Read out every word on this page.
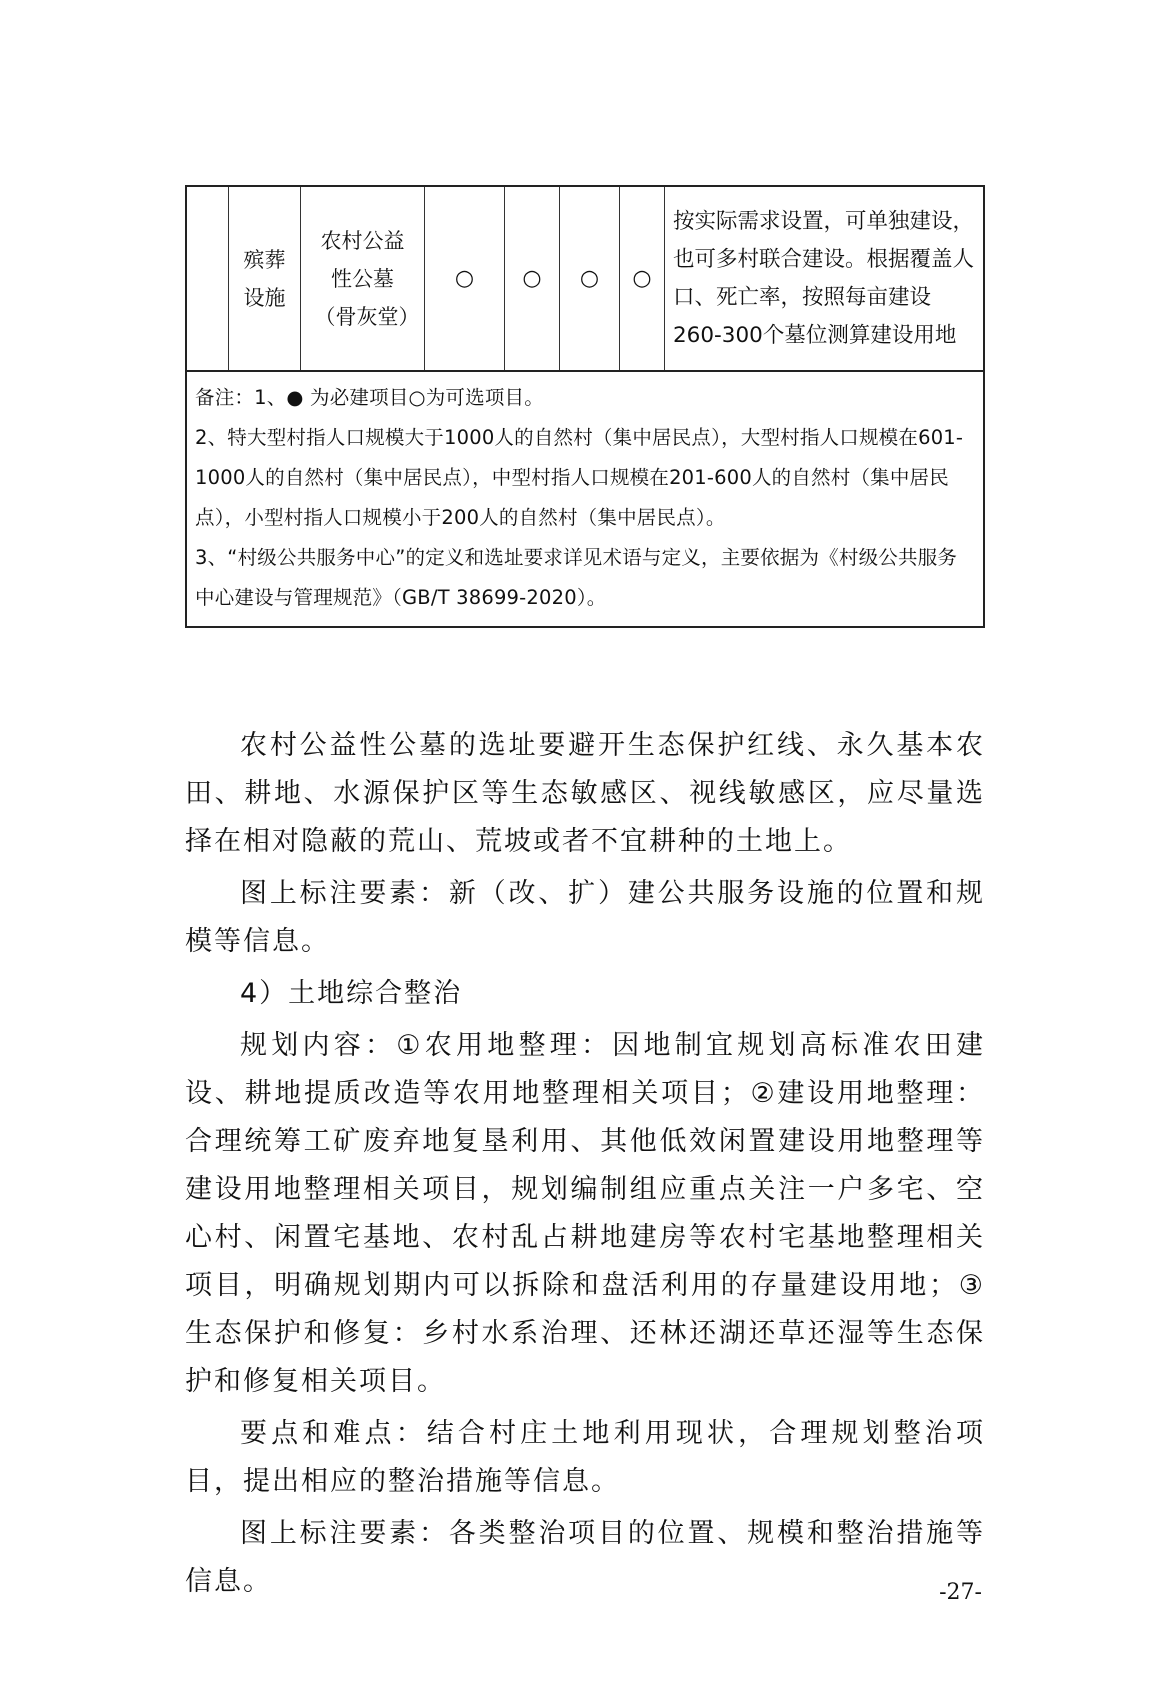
殡葬设施
农村公益性公墓（骨灰堂）
○ ○ ○ ○
按实际需求设置，可单独建设，也可多村联合建设。根据覆盖人口、死亡率，按照每亩建设260-300个墓位测算建设用地
备注：1、● 为必建项目○为可选项目。
2、特大型村指人口规模大于1000人的自然村（集中居民点），大型村指人口规模在601-1000人的自然村（集中居民点），中型村指人口规模在201-600人的自然村（集中居民点），小型村指人口规模小于200人的自然村（集中居民点）。
3、“村级公共服务中心”的定义和选址要求详见术语与定义，主要依据为《村级公共服务中心建设与管理规范》（GB/T 38699-2020）。

农村公益性公墓的选址要避开生态保护红线、永久基本农田、耕地、水源保护区等生态敏感区、视线敏感区，应尽量选择在相对隐蔽的荒山、荒坡或者不宜耕种的土地上。

图上标注要素：新（改、扩）建公共服务设施的位置和规模等信息。

4）土地综合整治

规划内容：①农用地整理：因地制宜规划高标准农田建设、耕地提质改造等农用地整理相关项目；②建设用地整理：合理统筹工矿废弃地复垦利用、其他低效闲置建设用地整理等建设用地整理相关项目，规划编制组应重点关注一户多宅、空心村、闲置宅基地、农村乱占耕地建房等农村宅基地整理相关项目，明确规划期内可以拆除和盘活利用的存量建设用地；③生态保护和修复：乡村水系治理、还林还湖还草还湿等生态保护和修复相关项目。

要点和难点：结合村庄土地利用现状，合理规划整治项目，提出相应的整治措施等信息。

图上标注要素：各类整治项目的位置、规模和整治措施等信息。	-27-
